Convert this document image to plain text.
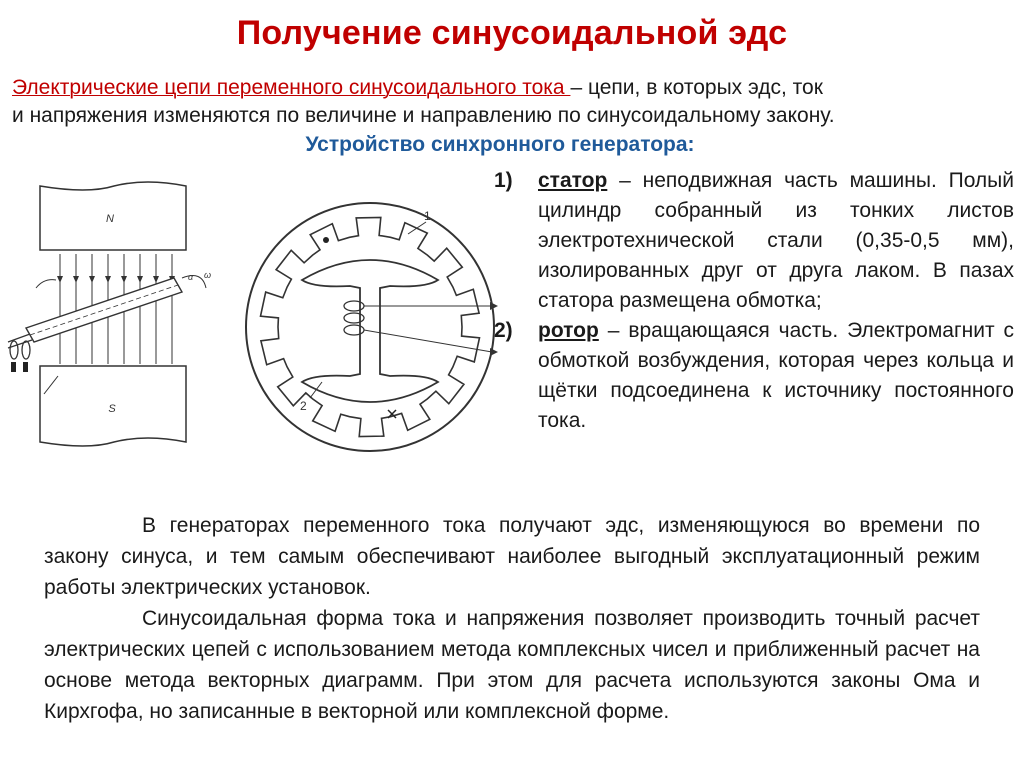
Получение синусоидальной эдс
Электрические цепи переменного синусоидального тока – цепи, в которых эдс, ток
и напряжения изменяются по величине и направлению по синусоидальному закону.
Устройство синхронного генератора:
N
S
α ω
1
2
1) статор – неподвижная часть машины. Полый цилиндр собранный из тонких листов электротехнической стали (0,35-0,5 мм), изолированных друг от друга лаком. В пазах статора размещена обмотка;
2) ротор – вращающаяся часть. Электромагнит с обмоткой возбуждения, которая через кольца и щётки подсоединена к источнику постоянного тока.
В генераторах переменного тока получают эдс, изменяющуюся во времени по закону синуса, и тем самым обеспечивают наиболее выгодный эксплуатационный режим работы электрических установок.
Синусоидальная форма тока и напряжения позволяет производить точный расчет электрических цепей с использованием метода комплексных чисел и приближенный расчет на основе метода векторных диаграмм. При этом для расчета используются законы Ома и Кирхгофа, но записанные в векторной или комплексной форме.
